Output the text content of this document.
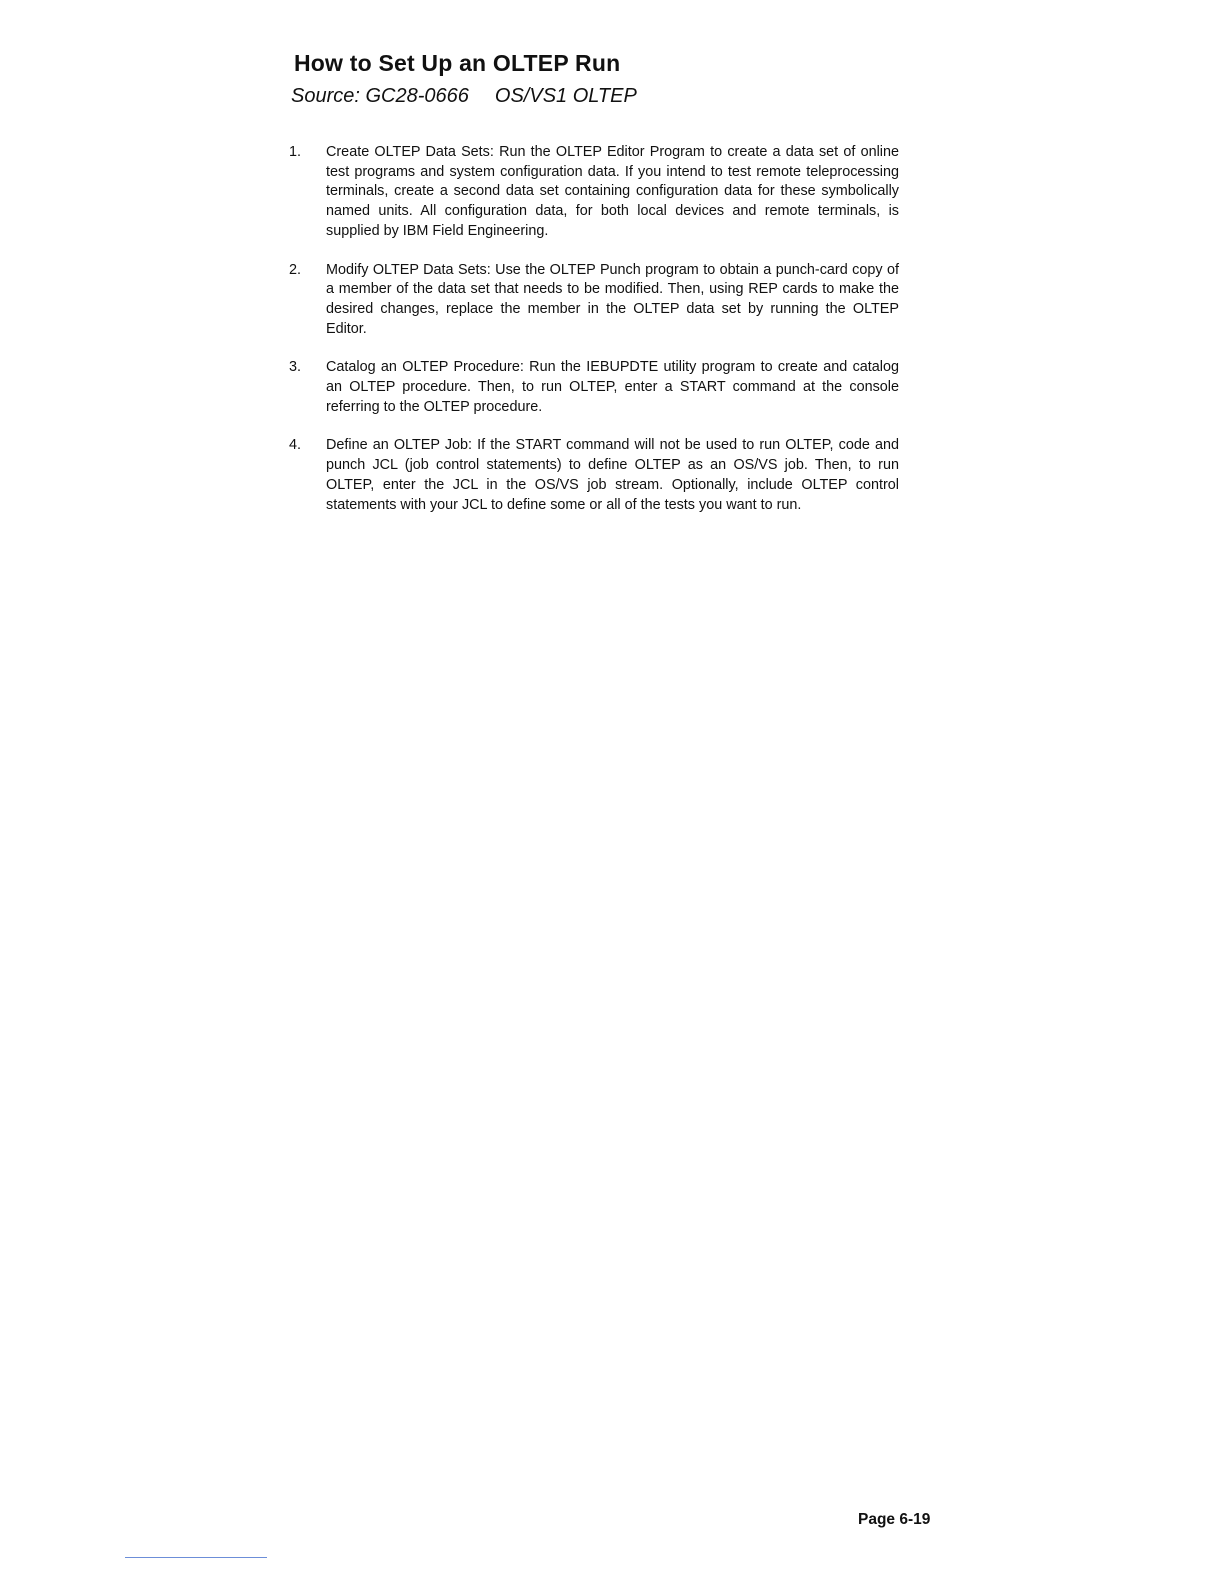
How to Set Up an OLTEP Run

Source: GC28-0666 OS/VS1 OLTEP

1. Create OLTEP Data Sets: Run the OLTEP Editor Program to create a data set of online test programs and system configuration data. If you intend to test remote teleprocessing terminals, create a second data set containing configuration data for these symbolically named units. All configuration data, for both local devices and remote terminals, is supplied by IBM Field Engineering.
2. Modify OLTEP Data Sets: Use the OLTEP Punch program to obtain a punch-card copy of a member of the data set that needs to be modified. Then, using REP cards to make the desired changes, replace the member in the OLTEP data set by running the OLTEP Editor.
3. Catalog an OLTEP Procedure: Run the IEBUPDTE utility program to create and catalog an OLTEP procedure. Then, to run OLTEP, enter a START command at the console referring to the OLTEP procedure.
4. Define an OLTEP Job: If the START command will not be used to run OLTEP, code and punch JCL (job control statements) to define OLTEP as an OS/VS job. Then, to run OLTEP, enter the JCL in the OS/VS job stream. Optionally, include OLTEP control statements with your JCL to define some or all of the tests you want to run.
Page 6-19
